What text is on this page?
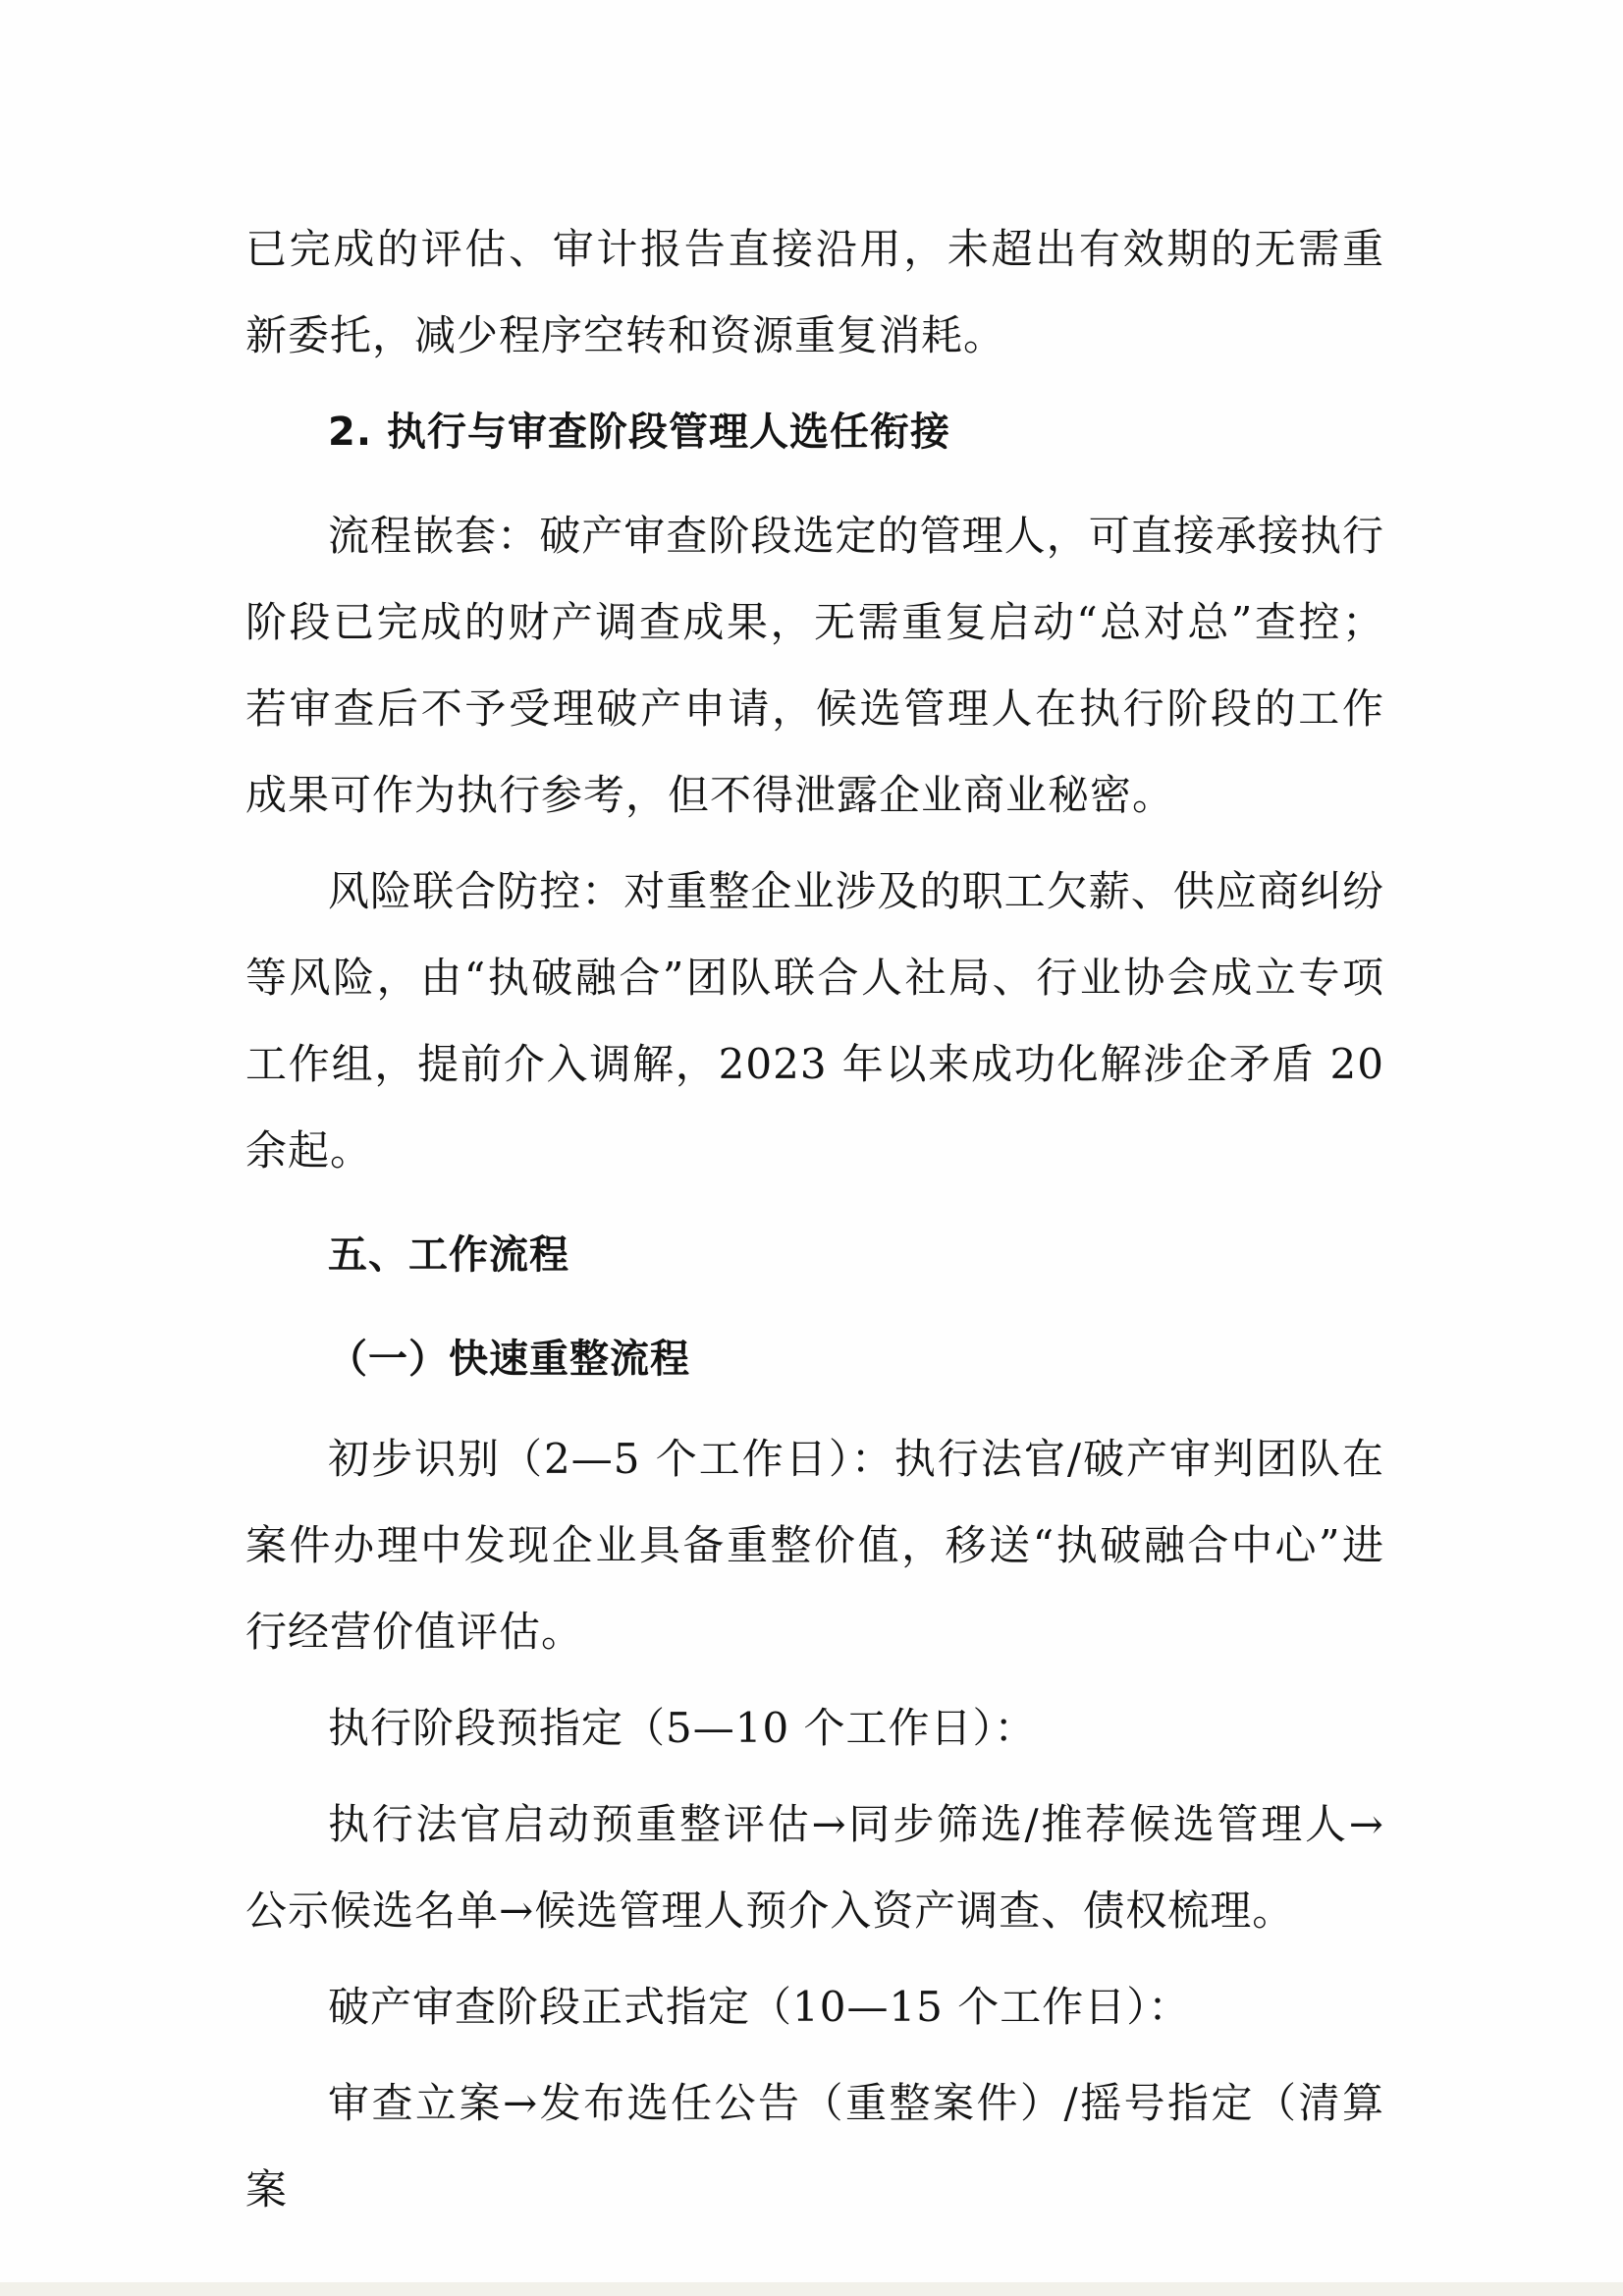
已完成的评估、审计报告直接沿用，未超出有效期的无需重新委托，减少程序空转和资源重复消耗。

2. 执行与审查阶段管理人选任衔接

流程嵌套：破产审查阶段选定的管理人，可直接承接执行阶段已完成的财产调查成果，无需重复启动“总对总”查控；若审查后不予受理破产申请，候选管理人在执行阶段的工作成果可作为执行参考，但不得泄露企业商业秘密。

风险联合防控：对重整企业涉及的职工欠薪、供应商纠纷等风险，由“执破融合”团队联合人社局、行业协会成立专项工作组，提前介入调解，2023 年以来成功化解涉企矛盾 20 余起。

五、工作流程
（一）快速重整流程

初步识别（2—5 个工作日）：执行法官/破产审判团队在案件办理中发现企业具备重整价值，移送“执破融合中心”进行经营价值评估。

执行阶段预指定（5—10 个工作日）：

执行法官启动预重整评估→同步筛选/推荐候选管理人→公示候选名单→候选管理人预介入资产调查、债权梳理。

破产审查阶段正式指定（10—15 个工作日）：

审查立案→发布选任公告（重整案件）/摇号指定（清算案
